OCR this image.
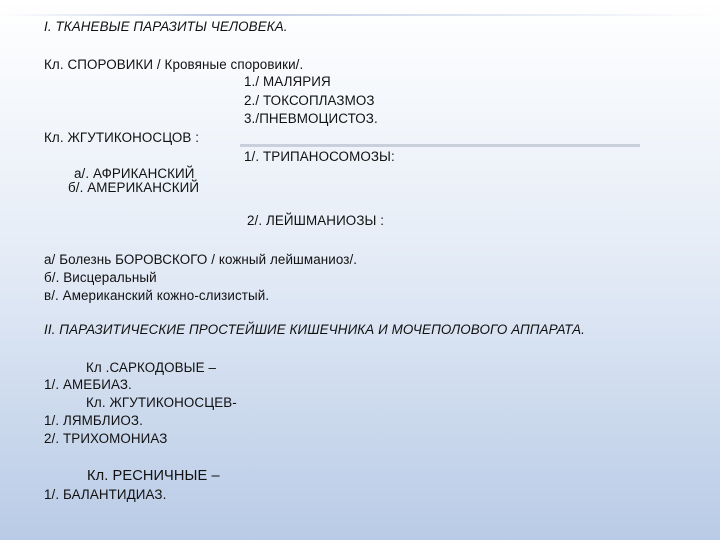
I. ТКАНЕВЫЕ ПАРАЗИТЫ ЧЕЛОВЕКА.
Кл. СПОРОВИКИ / Кровяные споровики/.
1./ МАЛЯРИЯ
2./ ТОКСОПЛАЗМОЗ
3./ПНЕВМОЦИСТОЗ.
Кл. ЖГУТИКОНОСЦОВ :
1/. ТРИПАНОСОМОЗЫ:
а/. АФРИКАНСКИЙ
б/. АМЕРИКАНСКИЙ
2/. ЛЕЙШМАНИОЗЫ :
а/ Болезнь БОРОВСКОГО / кожный лейшманиоз/.
б/. Висцеральный
в/. Американский кожно-слизистый.
II. ПАРАЗИТИЧЕСКИЕ ПРОСТЕЙШИЕ КИШЕЧНИКА И МОЧЕПОЛОВОГО АППАРАТА.
Кл .САРКОДОВЫЕ –
1/. АМЕБИАЗ.
Кл. ЖГУТИКОНОСЦЕВ-
1/. ЛЯМБЛИОЗ.
2/. ТРИХОМОНИАЗ
Кл. РЕСНИЧНЫЕ –
1/. БАЛАНТИДИАЗ.
